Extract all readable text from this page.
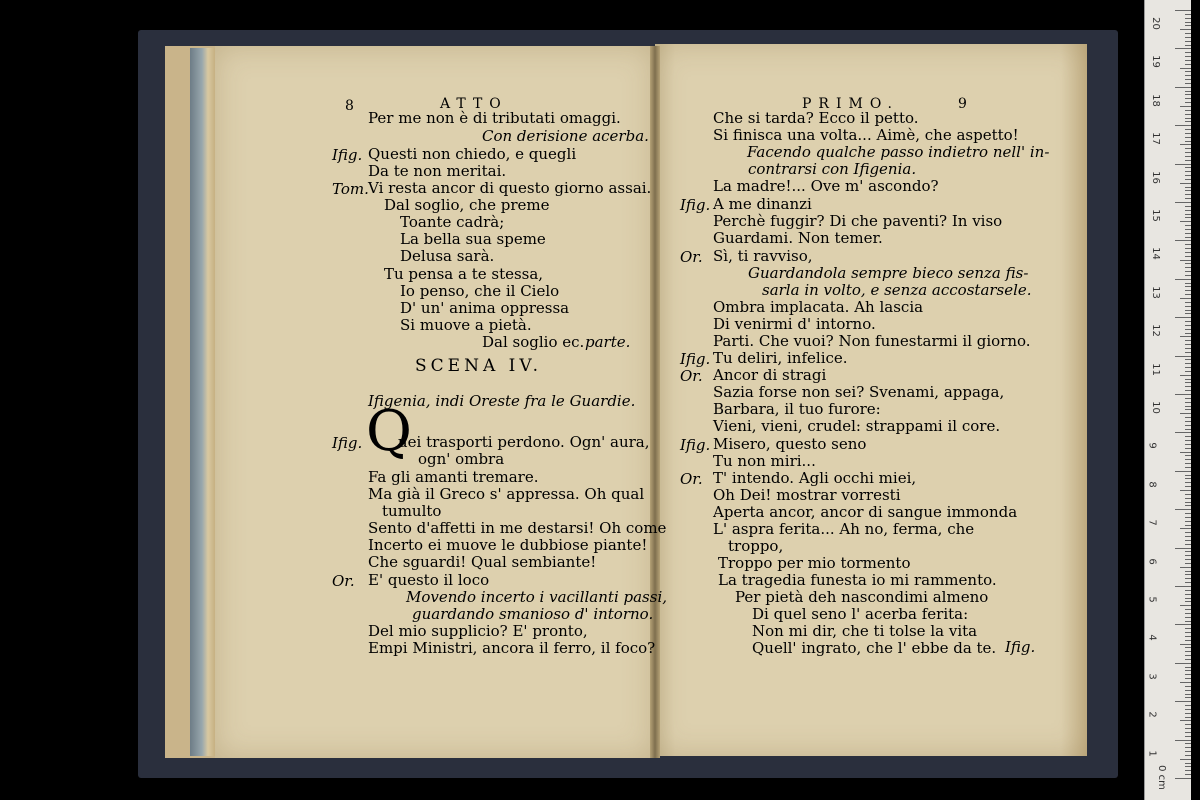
8	ATTO
Per me non è di tributati omaggi.
Con derisione acerba.
Ifig. Questi non chiedo, e quegli
Da te non meritai.
Tom. Vi resta ancor di questo giorno assai.
Dal soglio, che preme
Toante cadrà;
La bella sua speme
Delusa sarà.
Tu pensa a te stessa,
Io penso, che il Cielo
D' un' anima oppressa
Si muove a pietà.
Dal soglio ec. parte.
SCENA IV.
Ifigenia, indi Oreste fra le Guardie.
Q
Ifig. uei trasporti perdono. Ogn' aura,
ogn' ombra
Fa gli amanti tremare.
Ma già il Greco s' appressa. Oh qual
tumulto
Sento d'affetti in me destarsi! Oh come
Incerto ei muove le dubbiose piante!
Che sguardi! Qual sembiante!
Or. E' questo il loco
Movendo incerto i vacillanti passi,
guardando smanioso d' intorno.
Del mio supplicio? E' pronto,
Empi Ministri, ancora il ferro, il foco?
PRIMO.	9
Che si tarda? Ecco il petto.
Si finisca una volta... Aimè, che aspetto!
Facendo qualche passo indietro nell' in-
contrarsi con Ifigenia.
La madre!... Ove m' ascondo?
Ifig. A me dinanzi
Perchè fuggir? Di che paventi? In viso
Guardami. Non temer.
Or. Sì, ti ravviso,
Guardandola sempre bieco senza fis-
sarla in volto, e senza accostarsele.
Ombra implacata. Ah lascia
Di venirmi d' intorno.
Parti. Che vuoi? Non funestarmi il giorno.
Ifig. Tu deliri, infelice.
Or. Ancor di stragi
Sazia forse non sei? Svenami, appaga,
Barbara, il tuo furore:
Vieni, vieni, crudel: strappami il core.
Ifig. Misero, questo seno
Tu non miri...
Or. T' intendo. Agli occhi miei,
Oh Dei! mostrar vorresti
Aperta ancor, ancor di sangue immonda
L' aspra ferita... Ah no, ferma, che
troppo,
Troppo per mio tormento
La tragedia funesta io mi rammento.
Per pietà deh nascondimi almeno
Di quel seno l' acerba ferita:
Non mi dir, che ti tolse la vita
Quell' ingrato, che l' ebbe da te. Ifig.
20
19
18
17
16
15
14
13
12
11
10
9
8
7
6
5
4
3
2
1
0 cm
